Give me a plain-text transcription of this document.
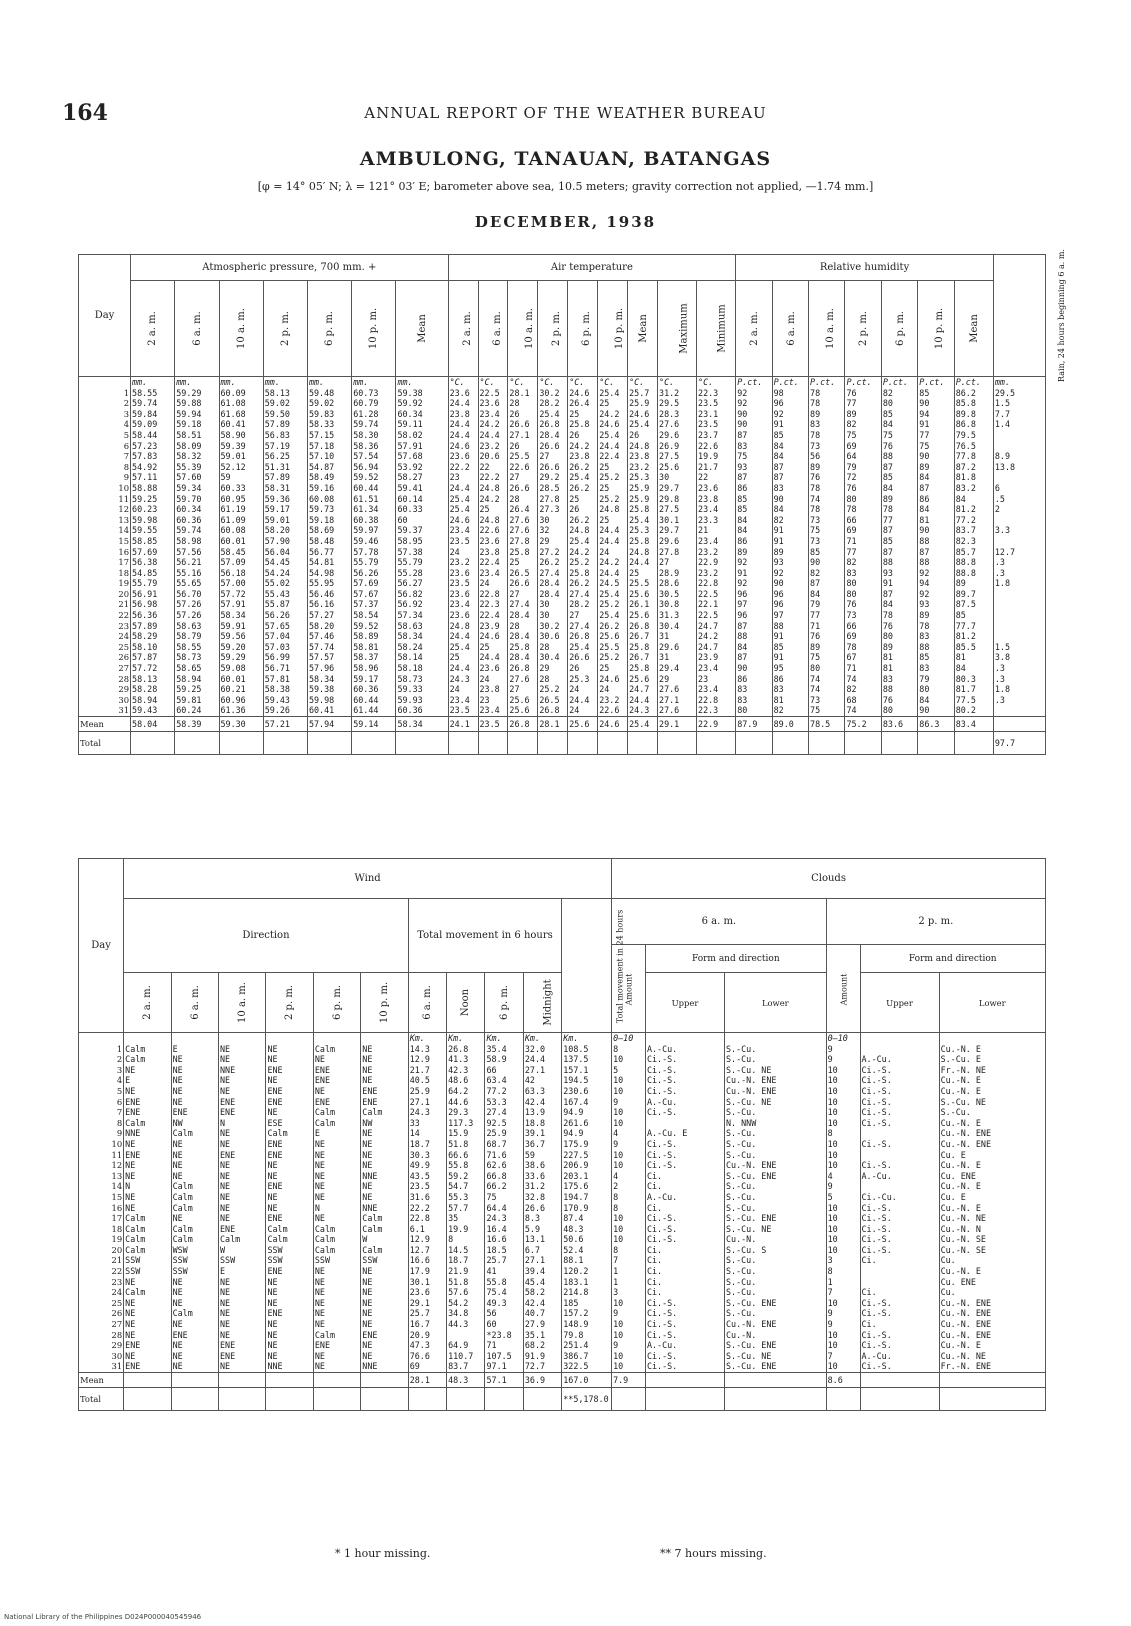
164	ANNUAL REPORT OF THE WEATHER BUREAU
AMBULONG, TANAUAN, BATANGAS
[φ = 14° 05′ N; λ = 121° 03′ E; barometer above sea, 10.5 meters; gravity correction not applied, —1.74 mm.]
DECEMBER, 1938
Day	Atmospheric pressure, 700 mm. +							Air temperature									Relative humidity							Rain, 24 hours beginning 6 a. m.
	2 a. m.	6 a. m.	10 a. m.	2 p. m.	6 p. m.	10 p. m.	Mean	2 a. m.	6 a. m.	10 a. m.	2 p. m.	6 p. m.	10 p. m.	Mean	Maximum	Minimum	2 a. m.	6 a. m.	10 a. m.	2 p. m.	6 p. m.	10 p. m.	Mean	
	mm.	mm.	mm.	mm.	mm.	mm.	mm.	°C.	°C.	°C.	°C.	°C.	°C.	°C.	°C.	°C.	P.ct.	P.ct.	P.ct.	P.ct.	P.ct.	P.ct.	P.ct.	mm.
1	58.55	59.29	60.09	58.13	59.48	60.73	59.38	23.6	22.5	28.1	30.2	24.6	25.4	25.7	31.2	22.3	92	98	78	76	82	85	86.2	29.5
2	59.74	59.88	61.08	59.02	59.02	60.79	59.92	24.4	23.6	28	28.2	26.4	25	25.9	29.5	23.5	92	96	78	77	80	90	85.8	1.5
3	59.84	59.94	61.68	59.50	59.83	61.28	60.34	23.8	23.4	26	25.4	25	24.2	24.6	28.3	23.1	90	92	89	89	85	94	89.8	7.7
4	59.09	59.18	60.41	57.89	58.33	59.74	59.11	24.4	24.2	26.6	26.8	25.8	24.6	25.4	27.6	23.5	90	91	83	82	84	91	86.8	1.4
5	58.44	58.51	58.90	56.83	57.15	58.30	58.02	24.4	24.4	27.1	28.4	26	25.4	26	29.6	23.7	87	85	78	75	75	77	79.5	
6	57.23	58.09	59.39	57.19	57.18	58.36	57.91	24.6	23.2	26	26.6	24.2	24.4	24.8	26.9	22.6	83	84	73	69	76	75	76.5	
7	57.83	58.32	59.01	56.25	57.10	57.54	57.68	23.6	20.6	25.5	27	23.8	22.4	23.8	27.5	19.9	75	84	56	64	88	90	77.8	8.9
8	54.92	55.39	52.12	51.31	54.87	56.94	53.92	22.2	22	22.6	26.6	26.2	25	23.2	25.6	21.7	93	87	89	79	87	89	87.2	13.8
9	57.11	57.60	59	57.89	58.49	59.52	58.27	23	22.2	27	29.2	25.4	25.2	25.3	30	22	87	87	76	72	85	84	81.8	
10	58.88	59.34	60.33	58.31	59.16	60.44	59.41	24.4	24.8	26.6	28.5	26.2	25	25.9	29.7	23.6	86	83	78	76	84	87	83.2	6
11	59.25	59.70	60.95	59.36	60.08	61.51	60.14	25.4	24.2	28	27.8	25	25.2	25.9	29.8	23.8	85	90	74	80	89	86	84	.5
12	60.23	60.34	61.19	59.17	59.73	61.34	60.33	25.4	25	26.4	27.3	26	24.8	25.8	27.5	23.4	85	84	78	78	78	84	81.2	2
13	59.98	60.36	61.09	59.01	59.18	60.38	60	24.6	24.8	27.6	30	26.2	25	25.4	30.1	23.3	84	82	73	66	77	81	77.2	
14	59.55	59.74	60.08	58.20	58.69	59.97	59.37	23.4	22.6	27.6	32	24.8	24.4	25.3	29.7	21	84	91	75	69	87	90	83.7	3.3
15	58.85	58.98	60.01	57.90	58.48	59.46	58.95	23.5	23.6	27.8	29	25.4	24.4	25.8	29.6	23.4	86	91	73	71	85	88	82.3	
16	57.69	57.56	58.45	56.04	56.77	57.78	57.38	24	23.8	25.8	27.2	24.2	24	24.8	27.8	23.2	89	89	85	77	87	87	85.7	12.7
17	56.38	56.21	57.09	54.45	54.81	55.79	55.79	23.2	22.4	25	26.2	25.2	24.2	24.4	27	22.9	92	93	90	82	88	88	88.8	.3
18	54.85	55.16	56.18	54.24	54.98	56.26	55.28	23.6	23.4	26.5	27.4	25.8	24.4	25	28.9	23.2	91	92	82	83	93	92	88.8	.3
19	55.79	55.65	57.00	55.02	55.95	57.69	56.27	23.5	24	26.6	28.4	26.2	24.5	25.5	28.6	22.8	92	90	87	80	91	94	89	1.8
20	56.91	56.70	57.72	55.43	56.46	57.67	56.82	23.6	22.8	27	28.4	27.4	25.4	25.6	30.5	22.5	96	96	84	80	87	92	89.7	
21	56.98	57.26	57.91	55.87	56.16	57.37	56.92	23.4	22.3	27.4	30	28.2	25.2	26.1	30.8	22.1	97	96	79	76	84	93	87.5	
22	56.36	57.26	58.34	56.26	57.27	58.54	57.34	23.6	22.4	28.4	30	27	25.4	25.6	31.3	22.5	96	97	77	73	78	89	85	
23	57.89	58.63	59.91	57.65	58.20	59.52	58.63	24.8	23.9	28	30.2	27.4	26.2	26.8	30.4	24.7	87	88	71	66	76	78	77.7	
24	58.29	58.79	59.56	57.04	57.46	58.89	58.34	24.4	24.6	28.4	30.6	26.8	25.6	26.7	31	24.2	88	91	76	69	80	83	81.2	
25	58.10	58.55	59.20	57.03	57.74	58.81	58.24	25.4	25	25.8	28	25.4	25.5	25.8	29.6	24.7	84	85	89	78	89	88	85.5	1.5
26	57.87	58.73	59.29	56.99	57.57	58.37	58.14	25	24.4	28.4	30.4	26.6	25.2	26.7	31	23.9	87	91	75	67	81	85	81	3.8
27	57.72	58.65	59.08	56.71	57.96	58.96	58.18	24.4	23.6	26.8	29	26	25	25.8	29.4	23.4	90	95	80	71	81	83	84	.3
28	58.13	58.94	60.01	57.81	58.34	59.17	58.73	24.3	24	27.6	28	25.3	24.6	25.6	29	23	86	86	74	74	83	79	80.3	.3
29	58.28	59.25	60.21	58.38	59.38	60.36	59.33	24	23.8	27	25.2	24	24	24.7	27.6	23.4	83	83	74	82	88	80	81.7	1.8
30	58.94	59.81	60.96	59.43	59.98	60.44	59.93	23.4	23	25.6	26.5	24.4	23.2	24.4	27.1	22.8	83	81	73	68	76	84	77.5	.3
31	59.43	60.24	61.36	59.26	60.41	61.44	60.36	23.5	23.4	25.6	26.8	24	22.6	24.3	27.6	22.3	80	82	75	74	80	90	80.2	
Mean	58.04	58.39	59.30	57.21	57.94	59.14	58.34	24.1	23.5	26.8	28.1	25.6	24.6	25.4	29.1	22.9	87.9	89.0	78.5	75.2	83.6	86.3	83.4	
Total																								97.7
Day	Wind											Clouds					
	Direction						Total movement in 6 hours				Total movement in 24 hours	6 a. m.			2 p. m.		
												Amount	Form and direction		Amount	Form and direction	
	2 a. m.	6 a. m.	10 a. m.	2 p. m.	6 p. m.	10 p. m.	6 a. m.	Noon	6 p. m.	Midnight			Upper	Lower		Upper	Lower
							Km.	Km.	Km.	Km.	Km.	0–10			0–10		
1	Calm	E	NE	NE	Calm	NE	14.3	26.8	35.4	32.0	108.5	8	A.-Cu.	S.-Cu.	9		Cu.-N. E
2	Calm	NE	NE	NE	NE	NE	12.9	41.3	58.9	24.4	137.5	10	Ci.-S.	S.-Cu.	9	A.-Cu.	S.-Cu. E
3	NE	NE	NNE	ENE	ENE	NE	21.7	42.3	66	27.1	157.1	5	Ci.-S.	S.-Cu. NE	10	Ci.-S.	Fr.-N. NE
4	E	NE	NE	NE	ENE	NE	40.5	48.6	63.4	42	194.5	10	Ci.-S.	Cu.-N. ENE	10	Ci.-S.	Cu.-N. E
5	NE	NE	NE	ENE	NE	ENE	25.9	64.2	77.2	63.3	230.6	10	Ci.-S.	Cu.-N. ENE	10	Ci.-S.	Cu.-N. E
6	ENE	NE	ENE	ENE	ENE	ENE	27.1	44.6	53.3	42.4	167.4	9	A.-Cu.	S.-Cu. NE	10	Ci.-S.	S.-Cu. NE
7	ENE	ENE	ENE	NE	Calm	Calm	24.3	29.3	27.4	13.9	94.9	10	Ci.-S.	S.-Cu.	10	Ci.-S.	S.-Cu.
8	Calm	NW	N	ESE	Calm	NW	33	117.3	92.5	18.8	261.6	10		N. NNW	10	Ci.-S.	Cu.-N. E
9	NNE	Calm	NE	Calm	E	NE	14	15.9	25.9	39.1	94.9	4	A.-Cu. E	S.-Cu.	8		Cu.-N. ENE
10	NE	NE	NE	ENE	NE	NE	18.7	51.8	68.7	36.7	175.9	9	Ci.-S.	S.-Cu.	10	Ci.-S.	Cu.-N. ENE
11	ENE	NE	ENE	ENE	NE	NE	30.3	66.6	71.6	59	227.5	10	Ci.-S.	S.-Cu.	10		Cu. E
12	NE	NE	NE	NE	NE	NE	49.9	55.8	62.6	38.6	206.9	10	Ci.-S.	Cu.-N. ENE	10	Ci.-S.	Cu.-N. E
13	NE	NE	NE	NE	NE	NNE	43.5	59.2	66.8	33.6	203.1	4	Ci.	S.-Cu. ENE	4	A.-Cu.	Cu. ENE
14	N	Calm	NE	ENE	NE	NE	23.5	54.7	66.2	31.2	175.6	2	Ci.	S.-Cu.	9		Cu.-N. E
15	NE	Calm	NE	NE	NE	NE	31.6	55.3	75	32.8	194.7	8	A.-Cu.	S.-Cu.	5	Ci.-Cu.	Cu. E
16	NE	Calm	NE	NE	N	NNE	22.2	57.7	64.4	26.6	170.9	8	Ci.	S.-Cu.	10	Ci.-S.	Cu.-N. E
17	Calm	NE	NE	ENE	NE	Calm	22.8	35	24.3	8.3	87.4	10	Ci.-S.	S.-Cu. ENE	10	Ci.-S.	Cu.-N. NE
18	Calm	Calm	ENE	Calm	Calm	Calm	6.1	19.9	16.4	5.9	48.3	10	Ci.-S.	S.-Cu. NE	10	Ci.-S.	Cu.-N. N
19	Calm	Calm	Calm	Calm	Calm	W	12.9	8	16.6	13.1	50.6	10	Ci.-S.	Cu.-N.	10	Ci.-S.	Cu.-N. SE
20	Calm	WSW	W	SSW	Calm	Calm	12.7	14.5	18.5	6.7	52.4	8	Ci.	S.-Cu. S	10	Ci.-S.	Cu.-N. SE
21	SSW	SSW	SSW	SSW	SSW	SSW	16.6	18.7	25.7	27.1	88.1	7	Ci.	S.-Cu.	3	Ci.	Cu.
22	SSW	SSW	E	ENE	NE	NE	17.9	21.9	41	39.4	120.2	1	Ci.	S.-Cu.	8		Cu.-N. E
23	NE	NE	NE	NE	NE	NE	30.1	51.8	55.8	45.4	183.1	1	Ci.	S.-Cu.	1		Cu. ENE
24	Calm	NE	NE	NE	NE	NE	23.6	57.6	75.4	58.2	214.8	3	Ci.	S.-Cu.	7	Ci.	Cu.
25	NE	NE	NE	NE	NE	NE	29.1	54.2	49.3	42.4	185	10	Ci.-S.	S.-Cu. ENE	10	Ci.-S.	Cu.-N. ENE
26	NE	Calm	NE	ENE	NE	NE	25.7	34.8	56	40.7	157.2	9	Ci.-S.	S.-Cu.	9	Ci.-S.	Cu.-N. ENE
27	NE	NE	NE	NE	NE	NE	16.7	44.3	60	27.9	148.9	10	Ci.-S.	Cu.-N. ENE	9	Ci.	Cu.-N. ENE
28	NE	ENE	NE	NE	Calm	ENE	20.9		*23.8	35.1	79.8	10	Ci.-S.	Cu.-N.	10	Ci.-S.	Cu.-N. ENE
29	ENE	NE	ENE	NE	ENE	NE	47.3	64.9	71	68.2	251.4	9	A.-Cu.	S.-Cu. ENE	10	Ci.-S.	Cu.-N. E
30	NE	NE	ENE	NE	NE	NE	76.6	110.7	107.5	91.9	386.7	10	Ci.-S.	S.-Cu. NE	7	A.-Cu.	Cu.-N. NE
31	ENE	NE	NE	NNE	NE	NNE	69	83.7	97.1	72.7	322.5	10	Ci.-S.	S.-Cu. ENE	10	Ci.-S.	Fr.-N. ENE
Mean							28.1	48.3	57.1	36.9	167.0	7.9			8.6		
Total											**5,178.0						
* 1 hour missing.	** 7 hours missing.
National Library of the Philippines D024P000040545946
